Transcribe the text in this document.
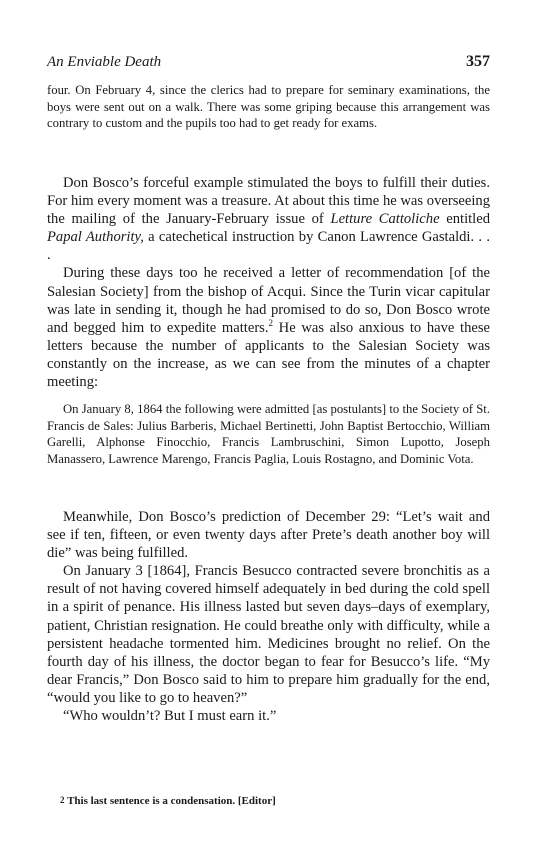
An Enviable Death	357

four. On February 4, since the clerics had to prepare for seminary examinations, the boys were sent out on a walk. There was some griping because this arrangement was contrary to custom and the pupils too had to get ready for exams.

Don Bosco’s forceful example stimulated the boys to fulfill their duties. For him every moment was a treasure. At about this time he was overseeing the mailing of the January-February issue of Letture Cattoliche entitled Papal Authority, a catechetical instruction by Canon Lawrence Gastaldi. . . .

During these days too he received a letter of recommendation [of the Salesian Society] from the bishop of Acqui. Since the Turin vicar capitular was late in sending it, though he had promised to do so, Don Bosco wrote and begged him to expedite matters.$^2$ He was also anxious to have these letters because the number of applicants to the Salesian Society was constantly on the increase, as we can see from the minutes of a chapter meeting:

On January 8, 1864 the following were admitted [as postulants] to the Society of St. Francis de Sales: Julius Barberis, Michael Bertinetti, John Baptist Bertocchio, William Garelli, Alphonse Finocchio, Francis Lambruschini, Simon Lupotto, Joseph Manassero, Lawrence Marengo, Francis Paglia, Louis Rostagno, and Dominic Vota.

Meanwhile, Don Bosco’s prediction of December 29: “Let’s wait and see if ten, fifteen, or even twenty days after Prete’s death another boy will die” was being fulfilled.

On January 3 [1864], Francis Besucco contracted severe bronchitis as a result of not having covered himself adequately in bed during the cold spell in a spirit of penance. His illness lasted but seven days–days of exemplary, patient, Christian resignation. He could breathe only with difficulty, while a persistent headache tormented him. Medicines brought no relief. On the fourth day of his illness, the doctor began to fear for Besucco’s life. “My dear Francis,” Don Bosco said to him to prepare him gradually for the end, “would you like to go to heaven?”

“Who wouldn’t? But I must earn it.”

$^2$ This last sentence is a condensation. [Editor]
